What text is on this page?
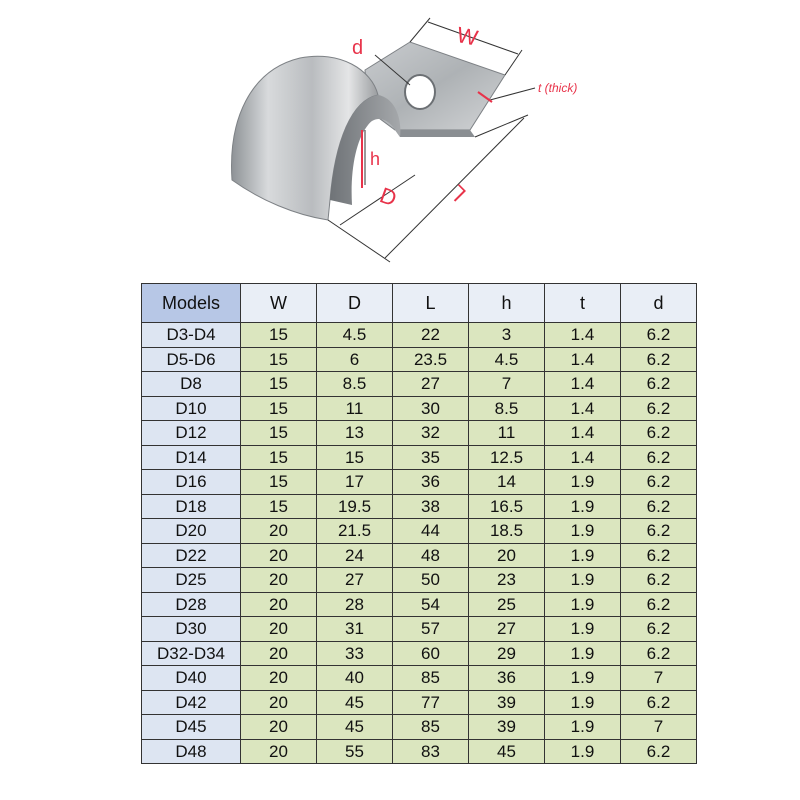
d	W
t (thick)
h
D L
Models	W	D	L	h	t	d
D3-D4	15	4.5	22	3	1.4	6.2
D5-D6	15	6	23.5	4.5	1.4	6.2
D8	15	8.5	27	7	1.4	6.2
D10	15	11	30	8.5	1.4	6.2
D12	15	13	32	11	1.4	6.2
D14	15	15	35	12.5	1.4	6.2
D16	15	17	36	14	1.9	6.2
D18	15	19.5	38	16.5	1.9	6.2
D20	20	21.5	44	18.5	1.9	6.2
D22	20	24	48	20	1.9	6.2
D25	20	27	50	23	1.9	6.2
D28	20	28	54	25	1.9	6.2
D30	20	31	57	27	1.9	6.2
D32-D34	20	33	60	29	1.9	6.2
D40	20	40	85	36	1.9	7
D42	20	45	77	39	1.9	6.2
D45	20	45	85	39	1.9	7
D48	20	55	83	45	1.9	6.2
